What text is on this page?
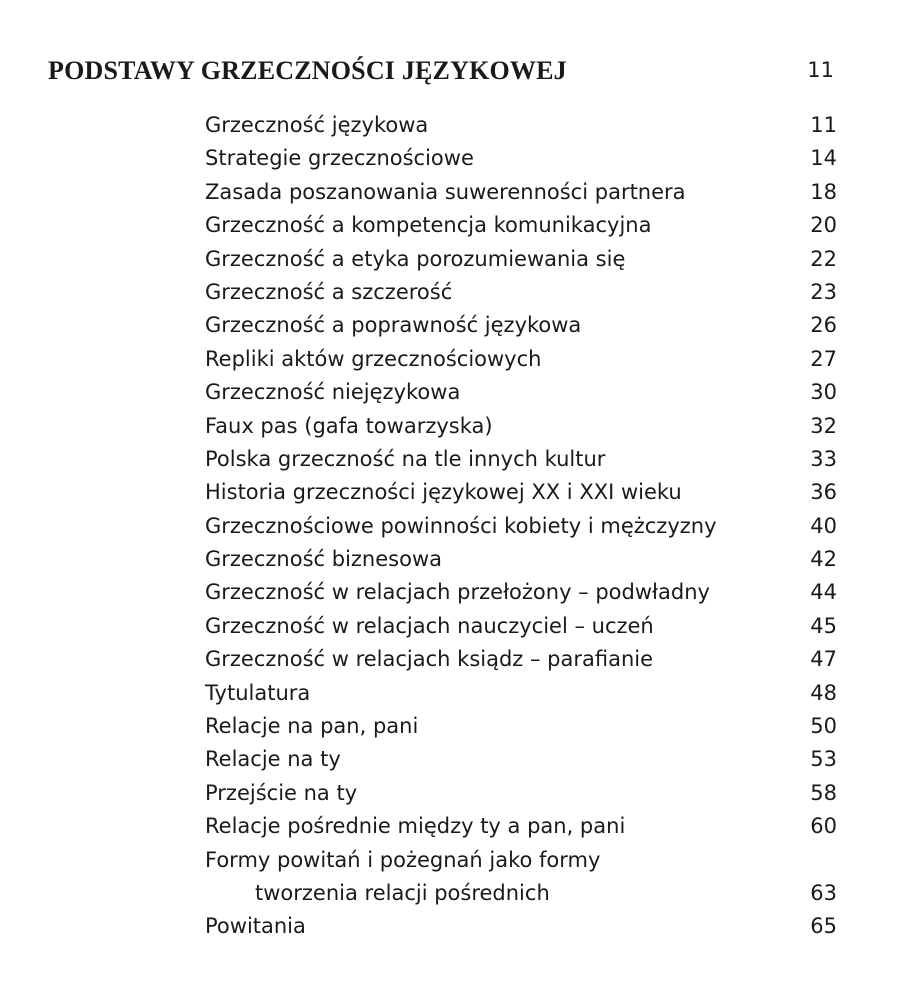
PODSTAWY GRZECZNOŚCI JĘZYKOWEJ	11
Grzeczność językowa	11
Strategie grzecznościowe	14
Zasada poszanowania suwerenności partnera	18
Grzeczność a kompetencja komunikacyjna	20
Grzeczność a etyka porozumiewania się	22
Grzeczność a szczerość	23
Grzeczność a poprawność językowa	26
Repliki aktów grzecznościowych	27
Grzeczność niejęzykowa	30
Faux pas (gafa towarzyska)	32
Polska grzeczność na tle innych kultur	33
Historia grzeczności językowej XX i XXI wieku	36
Grzecznościowe powinności kobiety i mężczyzny	40
Grzeczność biznesowa	42
Grzeczność w relacjach przełożony – podwładny	44
Grzeczność w relacjach nauczyciel – uczeń	45
Grzeczność w relacjach ksiądz – parafianie	47
Tytulatura	48
Relacje na pan, pani	50
Relacje na ty	53
Przejście na ty	58
Relacje pośrednie między ty a pan, pani	60
Formy powitań i pożegnań jako formy
tworzenia relacji pośrednich	63
Powitania	65
